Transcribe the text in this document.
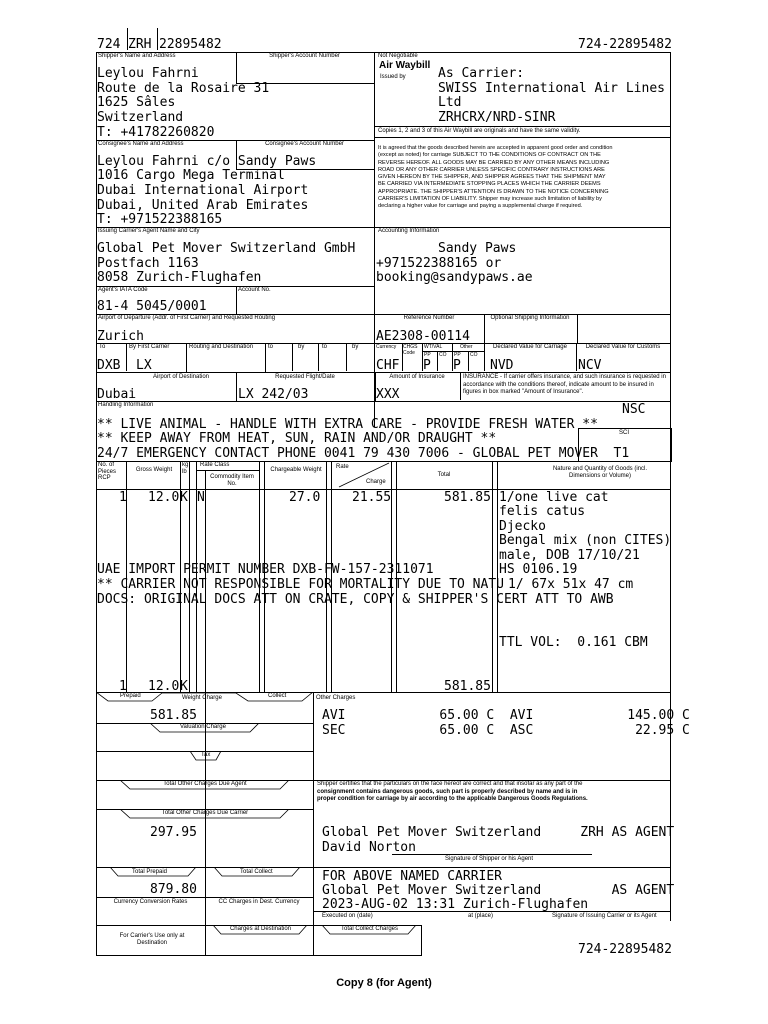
724 ZRH 22895482	724-22895482
Shipper's Name and Address	Shipper's Account Number
Leylou Fahrni
Route de la Rosaire 31
1625 Sâles
Switzerland
T: +41782260820
Not Negotiable
Air Waybill
Issued by As Carrier:
SWISS International Air Lines
Ltd
ZRHCRX/NRD-SINR
Copies 1, 2 and 3 of this Air Waybill are originals and have the same validity.
Consignee's Name and Address	Consignee's Account Number
Leylou Fahrni c/o Sandy Paws
1016 Cargo Mega Terminal
Dubai International Airport
Dubai, United Arab Emirates
T: +971522388165
It is agreed that the goods described herein are accepted in apparent good order and condition
(except as noted) for carriage SUBJECT TO THE CONDITIONS OF CONTRACT ON THE
REVERSE HEREOF. ALL GOODS MAY BE CARRIED BY ANY OTHER MEANS INCLUDING
ROAD OR ANY OTHER CARRIER UNLESS SPECIFIC CONTRARY INSTRUCTIONS ARE
GIVEN HEREON BY THE SHIPPER, AND SHIPPER AGREES THAT THE SHIPMENT MAY
BE CARRIED VIA INTERMEDIATE STOPPING PLACES WHICH THE CARRIER DEEMS
APPROPRIATE. THE SHIPPER'S ATTENTION IS DRAWN TO THE NOTICE CONCERNING
CARRIER'S LIMITATION OF LIABILITY. Shipper may increase such limitation of liability by
declaring a higher value for carriage and paying a supplemental charge if required.
Issuing Carrier's Agent Name and City	Accounting Information
Global Pet Mover Switzerland GmbH
Postfach 1163
8058 Zurich-Flughafen
Sandy Paws
+971522388165 or
booking@sandypaws.ae
Agent's IATA Code	Account No.
81-4 5045/0001
Airport of Departure (Addr. of First Carrier) and Requested Routing	Reference Number	Optional Shipping Information
Zurich	AE2308-00114
To	By First Carrier	Routing and Destination to	by	to	by	Currency CHGS Code
WT/VAL
PP CO
Other
PP CO
Declared Value for Carriage	Declared Value for Customs
DXB LX	CHF P P NVD	NCV
Airport of Destination	Requested Flight/Date	Amount of Insurance	INSURANCE - If carrier offers insurance, and such insurance is requested in accordance with the conditions thereof, indicate amount to be insured in figures in box marked "Amount of Insurance".
Dubai	LX 242/03	XXX
Handling Information	NSC
** LIVE ANIMAL - HANDLE WITH EXTRA CARE - PROVIDE FRESH WATER **
** KEEP AWAY FROM HEAT, SUN, RAIN AND/OR DRAUGHT **
24/7 EMERGENCY CONTACT PHONE 0041 79 430 7006 - GLOBAL PET MOVER  T1
SCI
No. of Pieces RCP
Gross Weight
kg lb
Rate Class
Commodity Item No.
Chargeable Weight	Rate
Charge
Total
Nature and Quantity of Goods (incl. Dimensions or Volume)
1 12.0 K N	27.0 21.55	581.85 1/one live cat
felis catus
Djecko
Bengal mix (non CITES)
male, DOB 17/10/21
UAE IMPORT PERMIT NUMBER DXB-FW-157-2311071	HS 0106.19
** CARRIER NOT RESPONSIBLE FOR MORTALITY DUE TO NATU 1/ 67x 51x 47 cm
DOCS: ORIGINAL DOCS ATT ON CRATE, COPY & SHIPPER'S CERT ATT TO AWB
TTL VOL:  0.161 CBM
1 12.0 K	581.85
Prepaid	Weight Charge	Collect	Other Charges
581.85	AVI            65.00 C  AVI            145.00 C
SEC            65.00 C  ASC             22.95 C
Valuation Charge
Tax
Total Other Charges Due Agent	Shipper certifies that the particulars on the face hereof are correct and that insofar as any part of the
consignment contains dangerous goods, such part is properly described by name and is in
proper condition for carriage by air according to the applicable Dangerous Goods Regulations.
Total Other Charges Due Carrier
297.95	Global Pet Mover Switzerland     ZRH AS AGENT
David Norton
Signature of Shipper or his Agent
Total Prepaid	Total Collect
879.80
FOR ABOVE NAMED CARRIER
Global Pet Mover Switzerland         AS AGENT
2023-AUG-02 13:31 Zurich-Flughafen
Currency Conversion Rates	CC Charges in Dest. Currency
Executed on (date)	at (place)	Signature of Issuing Carrier or its Agent
For Carrier's Use only at Destination
Charges at Destination	Total Collect Charges
724-22895482
Copy 8 (for Agent)
